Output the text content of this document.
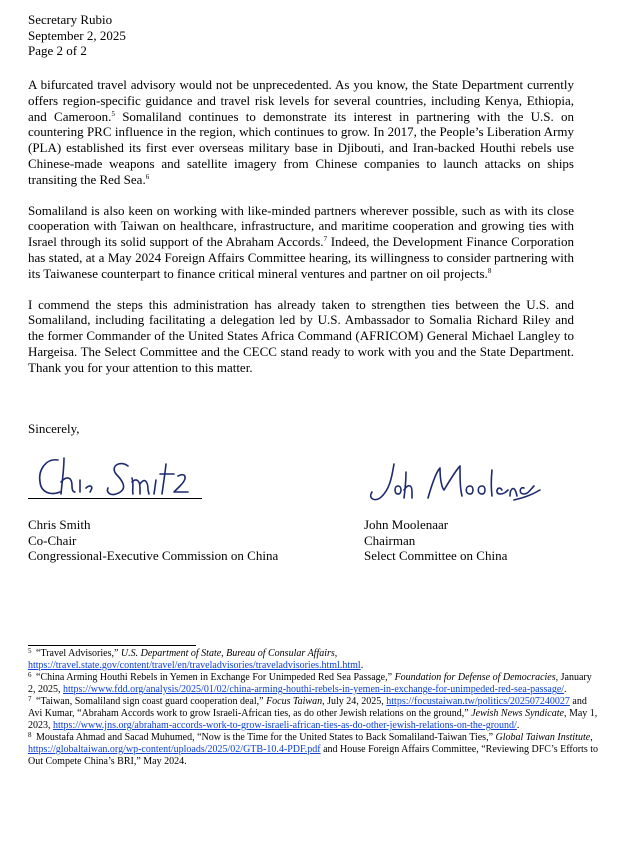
Secretary Rubio
September 2, 2025
Page 2 of 2

A bifurcated travel advisory would not be unprecedented. As you know, the State Department currently offers region-specific guidance and travel risk levels for several countries, including Kenya, Ethiopia, and Cameroon.$^5$ Somaliland continues to demonstrate its interest in partnering with the U.S. on countering PRC influence in the region, which continues to grow. In 2017, the People’s Liberation Army (PLA) established its first ever overseas military base in Djibouti, and Iran-backed Houthi rebels use Chinese-made weapons and satellite imagery from Chinese companies to launch attacks on ships transiting the Red Sea.$^6$

Somaliland is also keen on working with like-minded partners wherever possible, such as with its close cooperation with Taiwan on healthcare, infrastructure, and maritime cooperation and growing ties with Israel through its solid support of the Abraham Accords.$^7$ Indeed, the Development Finance Corporation has stated, at a May 2024 Foreign Affairs Committee hearing, its willingness to consider partnering with its Taiwanese counterpart to finance critical mineral ventures and partner on oil projects.$^8$

I commend the steps this administration has already taken to strengthen ties between the U.S. and Somaliland, including facilitating a delegation led by U.S. Ambassador to Somalia Richard Riley and the former Commander of the United States Africa Command (AFRICOM) General Michael Langley to Hargeisa. The Select Committee and the CECC stand ready to work with you and the State Department. Thank you for your attention to this matter.

Sincerely,
Chris Smith
Co-Chair
Congressional-Executive Commission on China
John Moolenaar
Chairman
Select Committee on China

$^5$ “Travel Advisories,” U.S. Department of State, Bureau of Consular Affairs, https://travel.state.gov/content/travel/en/traveladvisories/traveladvisories.html.html.

$^6$ “China Arming Houthi Rebels in Yemen in Exchange For Unimpeded Red Sea Passage,” Foundation for Defense of Democracies, January 2, 2025, https://www.fdd.org/analysis/2025/01/02/china-arming-houthi-rebels-in-yemen-in-exchange-for-unimpeded-red-sea-passage/.

$^7$ “Taiwan, Somaliland sign coast guard cooperation deal,” Focus Taiwan, July 24, 2025, https://focustaiwan.tw/politics/202507240027 and Avi Kumar, “Abraham Accords work to grow Israeli-African ties, as do other Jewish relations on the ground,” Jewish News Syndicate, May 1, 2023, https://www.jns.org/abraham-accords-work-to-grow-israeli-african-ties-as-do-other-jewish-relations-on-the-ground/.

$^8$ Moustafa Ahmad and Sacad Muhumed, “Now is the Time for the United States to Back Somaliland-Taiwan Ties,” Global Taiwan Institute, https://globaltaiwan.org/wp-content/uploads/2025/02/GTB-10.4-PDF.pdf and House Foreign Affairs Committee, “Reviewing DFC’s Efforts to Out Compete China’s BRI,” May 2024.
